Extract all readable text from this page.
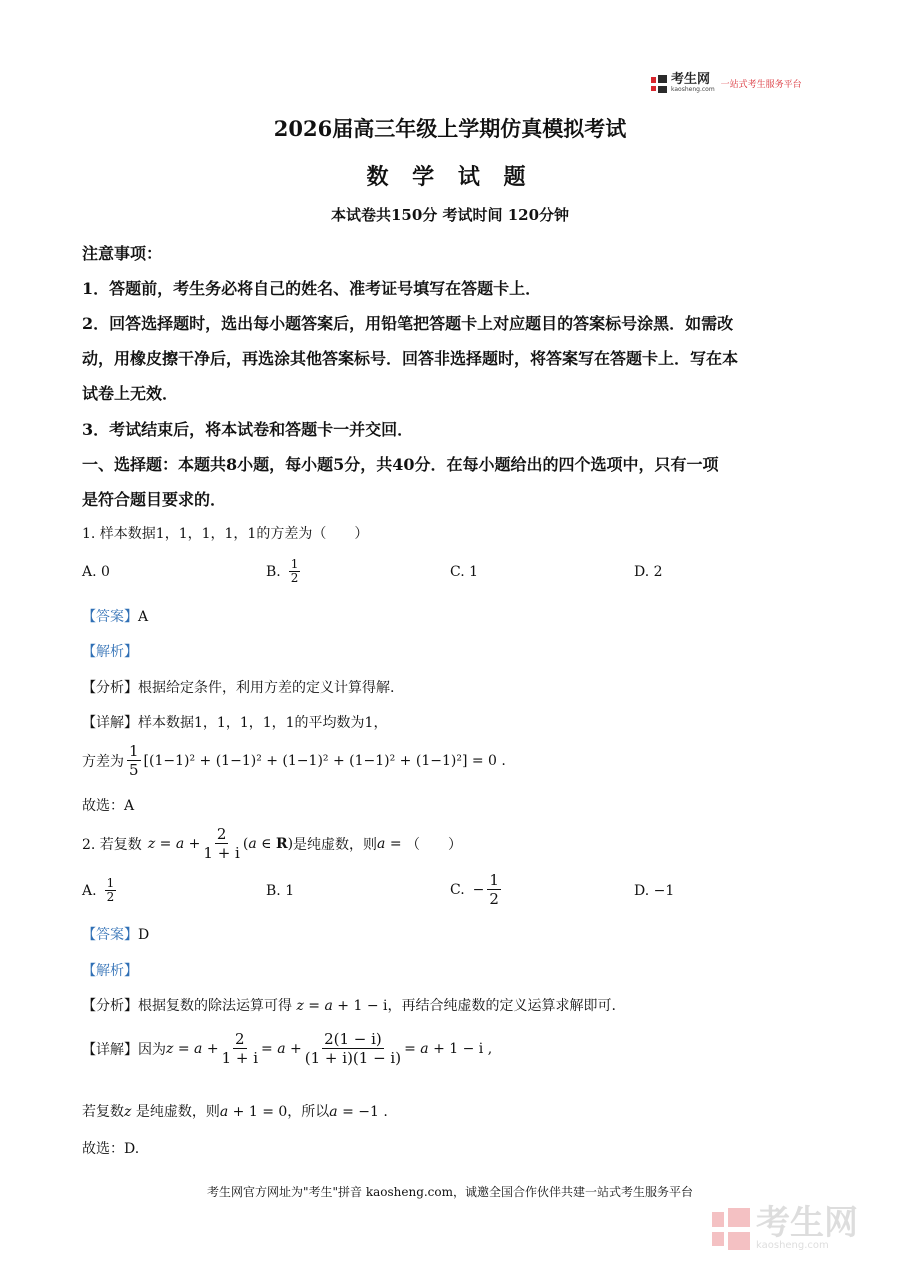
考生网
kaosheng.com 一站式考生服务平台
2026届高三年级上学期仿真模拟考试
数 学 试 题
本试卷共150分 考试时间 120分钟
注意事项：
1．答题前，考生务必将自己的姓名、准考证号填写在答题卡上．
2．回答选择题时，选出每小题答案后，用铅笔把答题卡上对应题目的答案标号涂黑．如需改
动，用橡皮擦干净后，再选涂其他答案标号．回答非选择题时，将答案写在答题卡上．写在本
试卷上无效．
3．考试结束后，将本试卷和答题卡一并交回．
一、选择题：本题共8小题，每小题5分，共40分．在每小题给出的四个选项中，只有一项
是符合题目要求的．
1. 样本数据1，1，1，1，1的方差为（　　）
A. 0	B. $\frac{1}{2}$	C. 1	D. 2
【答案】A
【解析】
【分析】根据给定条件，利用方差的定义计算得解.
【详解】样本数据1，1，1，1，1的平均数为1，
方差为 $\frac{1}{5} [(1-1)^2 + (1-1)^2 + (1-1)^2 + (1-1)^2 + (1-1)^2] = 0$ .
故选：A
2. 若复数 $z = a + \frac{2}{1 + i} (a$ ∈ R) 是纯虚数，则 a = （　　）
A. $\frac{1}{2}$	B. 1	C. − $\frac{1}{2}$	D. −1
【答案】D
【解析】
【分析】根据复数的除法运算可得 z = a + 1 − i，再结合纯虚数的定义运算求解即可.
【详解】 因为 $z = a + \frac{2}{1 + i} = a + \frac{2(1 - i)}{(1 + i)(1 - i)} = a + 1 - i$ ,
若复数z 是纯虚数，则a + 1 = 0，所以a = −1 .
故选：D.
考生网官方网址为"考生"拼音 kaosheng.com，诚邀全国合作伙伴共建一站式考生服务平台
考生网
kaosheng.com
